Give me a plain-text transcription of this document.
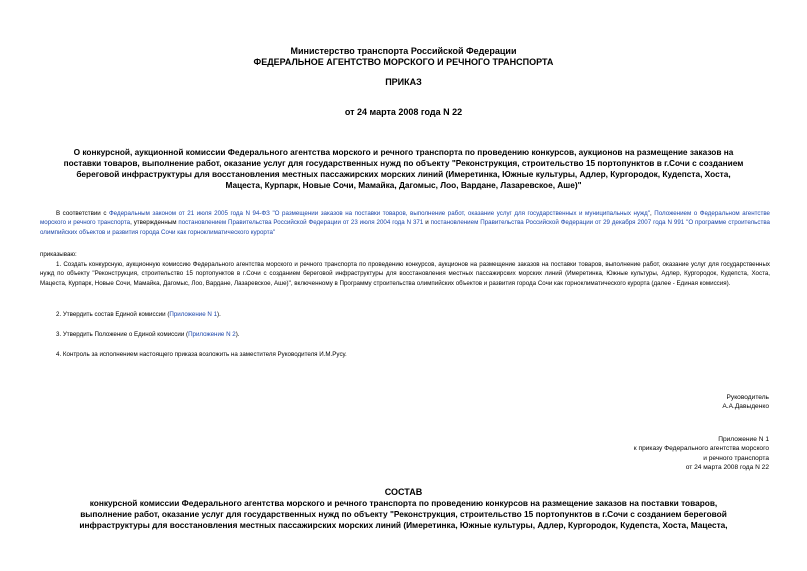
Министерство транспорта Российской Федерации
ФЕДЕРАЛЬНОЕ АГЕНТСТВО МОРСКОГО И РЕЧНОГО ТРАНСПОРТА
ПРИКАЗ
от 24 марта 2008 года N 22
О конкурсной, аукционной комиссии Федерального агентства морского и речного транспорта по проведению конкурсов, аукционов на размещение заказов на
поставки товаров, выполнение работ, оказание услуг для государственных нужд по объекту "Реконструкция, строительство 15 портопунктов в г.Сочи с созданием
береговой инфраструктуры для восстановления местных пассажирских морских линий (Имеретинка, Южные культуры, Адлер, Кургородок, Кудепста, Хоста,
Мацеста, Курпарк, Новые Сочи, Мамайка, Дагомыс, Лоо, Вардане, Лазаревское, Аше)"
В соответствии с Федеральным законом от 21 июля 2005 года N 94-ФЗ "О размещении заказов на поставки товаров, выполнение работ, оказание услуг для государственных и муниципальных нужд", Положением о Федеральном агентстве морского и речного транспорта, утвержденным постановлением Правительства Российской Федерации от 23 июля 2004 года N 371 и постановлением Правительства Российской Федерации от 29 декабря 2007 года N 991 "О программе строительства олимпийских объектов и развития города Сочи как горноклиматического курорта"
приказываю:
1. Создать конкурсную, аукционную комиссию Федерального агентства морского и речного транспорта по проведению конкурсов, аукционов на размещение заказов на поставки товаров, выполнение работ, оказание услуг для государственных нужд по объекту "Реконструкция, строительство 15 портопунктов в г.Сочи с созданием береговой инфраструктуры для восстановления местных пассажирских морских линий (Имеретинка, Южные культуры, Адлер, Кургородок, Кудепста, Хоста, Мацеста, Курпарк, Новые Сочи, Мамайка, Дагомыс, Лоо, Вардане, Лазаревское, Аше)", включенному в Программу строительства олимпийских объектов и развития города Сочи как горноклиматического курорта (далее - Единая комиссия).
2. Утвердить состав Единой комиссии (Приложение N 1).
3. Утвердить Положение о Единой комиссии (Приложение N 2).
4. Контроль за исполнением настоящего приказа возложить на заместителя Руководителя И.М.Русу.
Руководитель
А.А.Давыденко
Приложение N 1
к приказу Федерального агентства морского
и речного транспорта
от 24 марта 2008 года N 22
СОСТАВ
конкурсной комиссии Федерального агентства морского и речного транспорта по проведению конкурсов на размещение заказов на поставки товаров,
выполнение работ, оказание услуг для государственных нужд по объекту "Реконструкция, строительство 15 портопунктов в г.Сочи с созданием береговой
инфраструктуры для восстановления местных пассажирских морских линий (Имеретинка, Южные культуры, Адлер, Кургородок, Кудепста, Хоста, Мацеста,
